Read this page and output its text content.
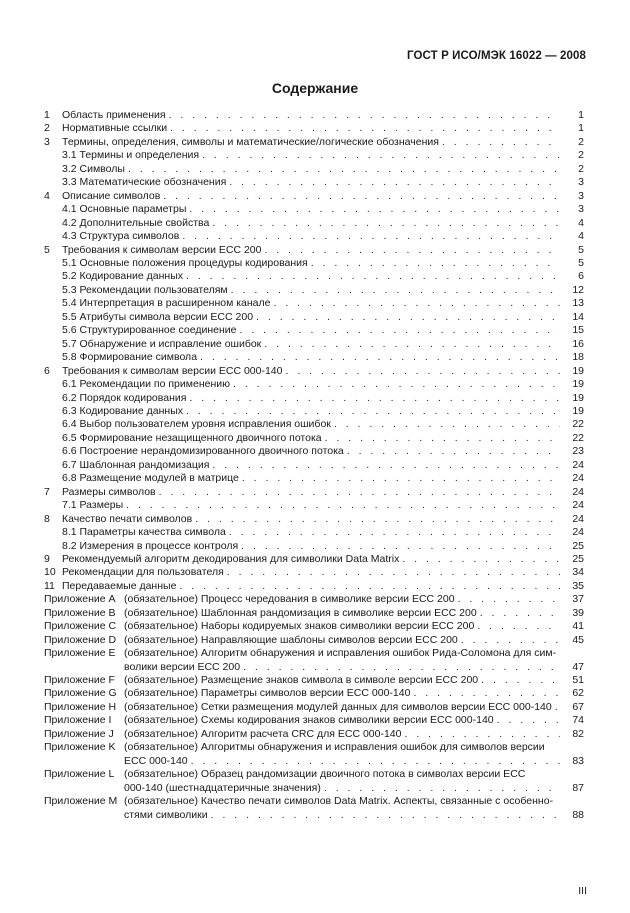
ГОСТ Р ИСО/МЭК 16022 — 2008
Содержание
1	Область применения . . .	1
2	Нормативные ссылки . . .	1
3	Термины, определения, символы и математические/логические обозначения . . .	2
3.1 Термины и определения . . .	2
3.2 Символы . . .	2
3.3 Математические обозначения . . .	3
4	Описание символов . . .	3
4.1 Основные параметры . . .	3
4.2 Дополнительные свойства . . .	4
4.3 Структура символов . . .	4
5	Требования к символам версии ECC 200 . . .	5
5.1 Основные положения процедуры кодирования . . .	5
5.2 Кодирование данных . . .	6
5.3 Рекомендации пользователям . . .	12
5.4 Интерпретация в расширенном канале . . .	13
5.5 Атрибуты символа версии ECC 200 . . .	14
5.6 Структурированное соединение . . .	15
5.7 Обнаружение и исправление ошибок . . .	16
5.8 Формирование символа . . .	18
6	Требования к символам версии ECC 000-140 . . .	19
6.1 Рекомендации по применению . . .	19
6.2 Порядок кодирования . . .	19
6.3 Кодирование данных . . .	19
6.4 Выбор пользователем уровня исправления ошибок . . .	22
6.5 Формирование незащищенного двоичного потока . . .	22
6.6 Построение нерандомизированного двоичного потока . . .	23
6.7 Шаблонная рандомизация . . .	24
6.8 Размещение модулей в матрице . . .	24
7	Размеры символов . . .	24
7.1 Размеры . . .	24
8	Качество печати символов . . .	24
8.1 Параметры качества символа . . .	24
8.2 Измерения в процессе контроля . . .	25
9	Рекомендуемый алгоритм декодирования для символики Data Matrix . . .	25
10 Рекомендации для пользователя . . .	34
11 Передаваемые данные . . .	35
Приложение A (обязательное) Процесс чередования в символике версии ECC 200 . . .	37
Приложение B (обязательное) Шаблонная рандомизация в символике версии ECC 200 . . .	39
Приложение C (обязательное) Наборы кодируемых знаков символики версии ECC 200 . . .	41
Приложение D (обязательное) Направляющие шаблоны символов версии ECC 200 . . .	45
Приложение E (обязательное) Алгоритм обнаружения и исправления ошибок Рида-Соломона для сим-
волики версии ECC 200 . . .	47
Приложение F (обязательное) Размещение знаков символа в символе версии ECC 200 . . .	51
Приложение G (обязательное) Параметры символов версии ECC 000-140 . . .	62
Приложение H (обязательное) Сетки размещения модулей данных для символов версии ECC 000-140 . . .	67
Приложение I	(обязательное) Схемы кодирования знаков символики версии ECC 000-140 . . .	74
Приложение J (обязательное) Алгоритм расчета CRC для ECC 000-140 . . .	82
Приложение K (обязательное) Алгоритмы обнаружения и исправления ошибок для символов версии
ECC 000-140 . . .	83
Приложение L (обязательное) Образец рандомизации двоичного потока в символах версии ECC
000-140 (шестнадцатеричные значения) . . .	87
Приложение M (обязательное) Качество печати символов Data Matrix. Аспекты, связанные с особенно-
стями символики . . .	88
III
